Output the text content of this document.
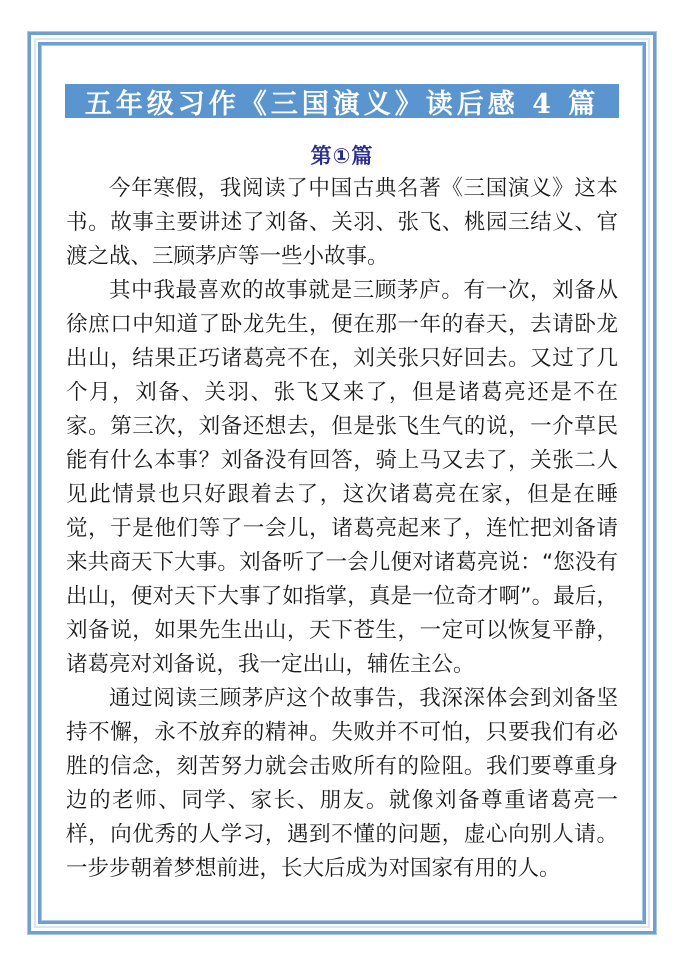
五年级习作《三国演义》读后感 4 篇
第①篇

今年寒假，我阅读了中国古典名著《三国演义》这本书。故事主要讲述了刘备、关羽、张飞、桃园三结义、官渡之战、三顾茅庐等一些小故事。

其中我最喜欢的故事就是三顾茅庐。有一次，刘备从徐庶口中知道了卧龙先生，便在那一年的春天，去请卧龙出山，结果正巧诸葛亮不在，刘关张只好回去。又过了几个月，刘备、关羽、张飞又来了，但是诸葛亮还是不在家。第三次，刘备还想去，但是张飞生气的说，一介草民能有什么本事？刘备没有回答，骑上马又去了，关张二人见此情景也只好跟着去了，这次诸葛亮在家，但是在睡觉，于是他们等了一会儿，诸葛亮起来了，连忙把刘备请来共商天下大事。刘备听了一会儿便对诸葛亮说：“您没有出山，便对天下大事了如指掌，真是一位奇才啊”。最后，刘备说，如果先生出山，天下苍生，一定可以恢复平静，诸葛亮对刘备说，我一定出山，辅佐主公。

通过阅读三顾茅庐这个故事告，我深深体会到刘备坚持不懈，永不放弃的精神。失败并不可怕，只要我们有必胜的信念，刻苦努力就会击败所有的险阻。我们要尊重身边的老师、同学、家长、朋友。就像刘备尊重诸葛亮一样，向优秀的人学习，遇到不懂的问题，虚心向别人请。一步步朝着梦想前进，长大后成为对国家有用的人。
